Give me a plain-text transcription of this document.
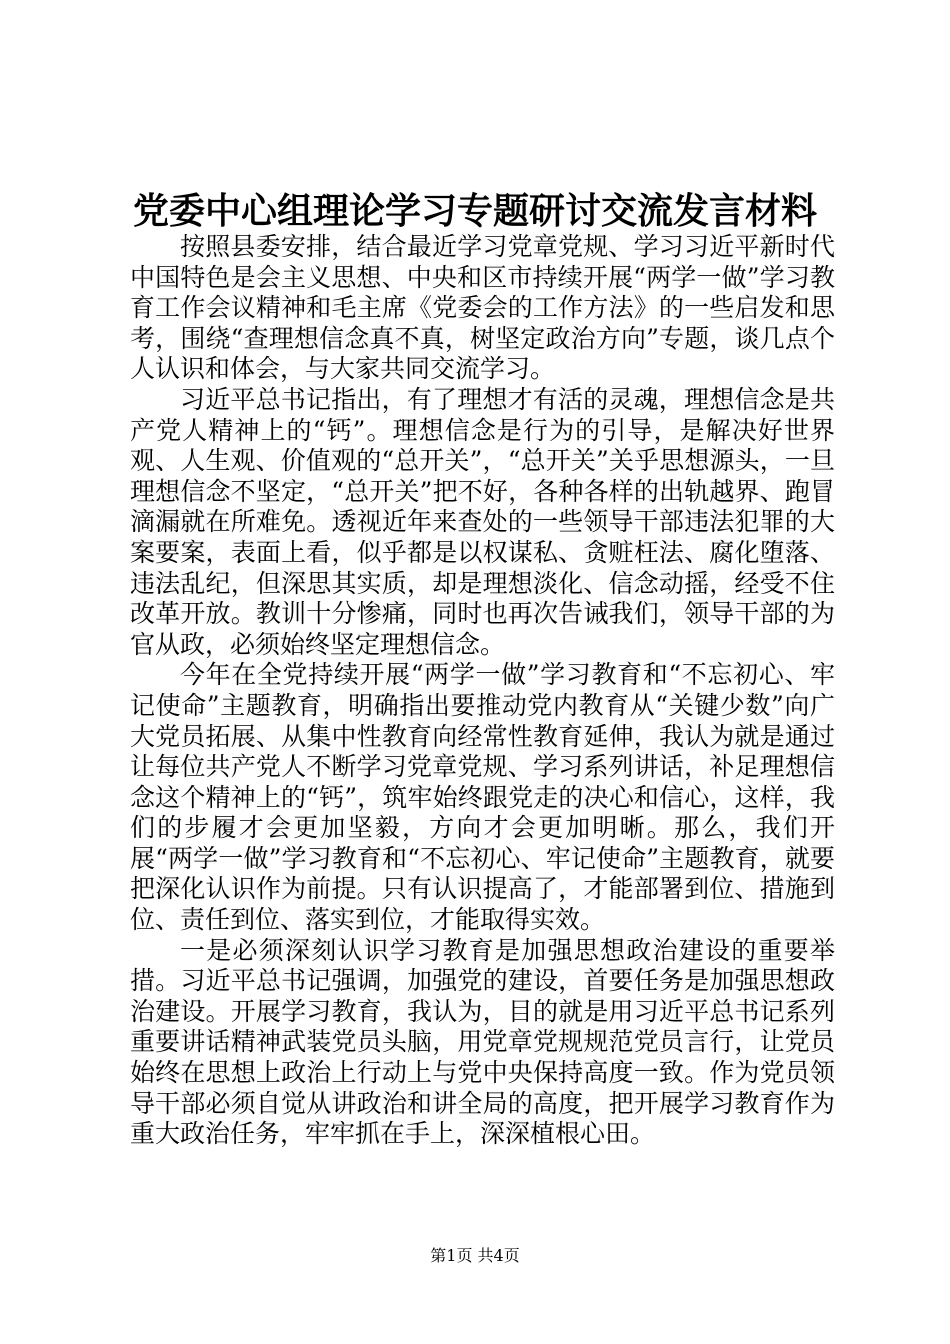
党委中心组理论学习专题研讨交流发言材料

按照县委安排，结合最近学习党章党规、学习习近平新时代中国特色是会主义思想、中央和区市持续开展“两学一做”学习教育工作会议精神和毛主席《党委会的工作方法》的一些启发和思考，围绕“查理想信念真不真，树坚定政治方向”专题，谈几点个人认识和体会，与大家共同交流学习。

习近平总书记指出，有了理想才有活的灵魂，理想信念是共产党人精神上的“钙”。理想信念是行为的引导，是解决好世界观、人生观、价值观的“总开关”，“总开关”关乎思想源头，一旦理想信念不坚定，“总开关”把不好，各种各样的出轨越界、跑冒滴漏就在所难免。透视近年来查处的一些领导干部违法犯罪的大案要案，表面上看，似乎都是以权谋私、贪赃枉法、腐化堕落、违法乱纪，但深思其实质，却是理想淡化、信念动摇，经受不住改革开放。教训十分惨痛，同时也再次告诫我们，领导干部的为官从政，必须始终坚定理想信念。

今年在全党持续开展“两学一做”学习教育和“不忘初心、牢记使命”主题教育，明确指出要推动党内教育从“关键少数”向广大党员拓展、从集中性教育向经常性教育延伸，我认为就是通过让每位共产党人不断学习党章党规、学习系列讲话，补足理想信念这个精神上的“钙”，筑牢始终跟党走的决心和信心，这样，我们的步履才会更加坚毅，方向才会更加明晰。那么，我们开展“两学一做”学习教育和“不忘初心、牢记使命”主题教育，就要把深化认识作为前提。只有认识提高了，才能部署到位、措施到位、责任到位、落实到位，才能取得实效。

一是必须深刻认识学习教育是加强思想政治建设的重要举措。习近平总书记强调，加强党的建设，首要任务是加强思想政治建设。开展学习教育，我认为，目的就是用习近平总书记系列重要讲话精神武装党员头脑，用党章党规规范党员言行，让党员始终在思想上政治上行动上与党中央保持高度一致。作为党员领导干部必须自觉从讲政治和讲全局的高度，把开展学习教育作为重大政治任务，牢牢抓在手上，深深植根心田。

第1页 共4页
